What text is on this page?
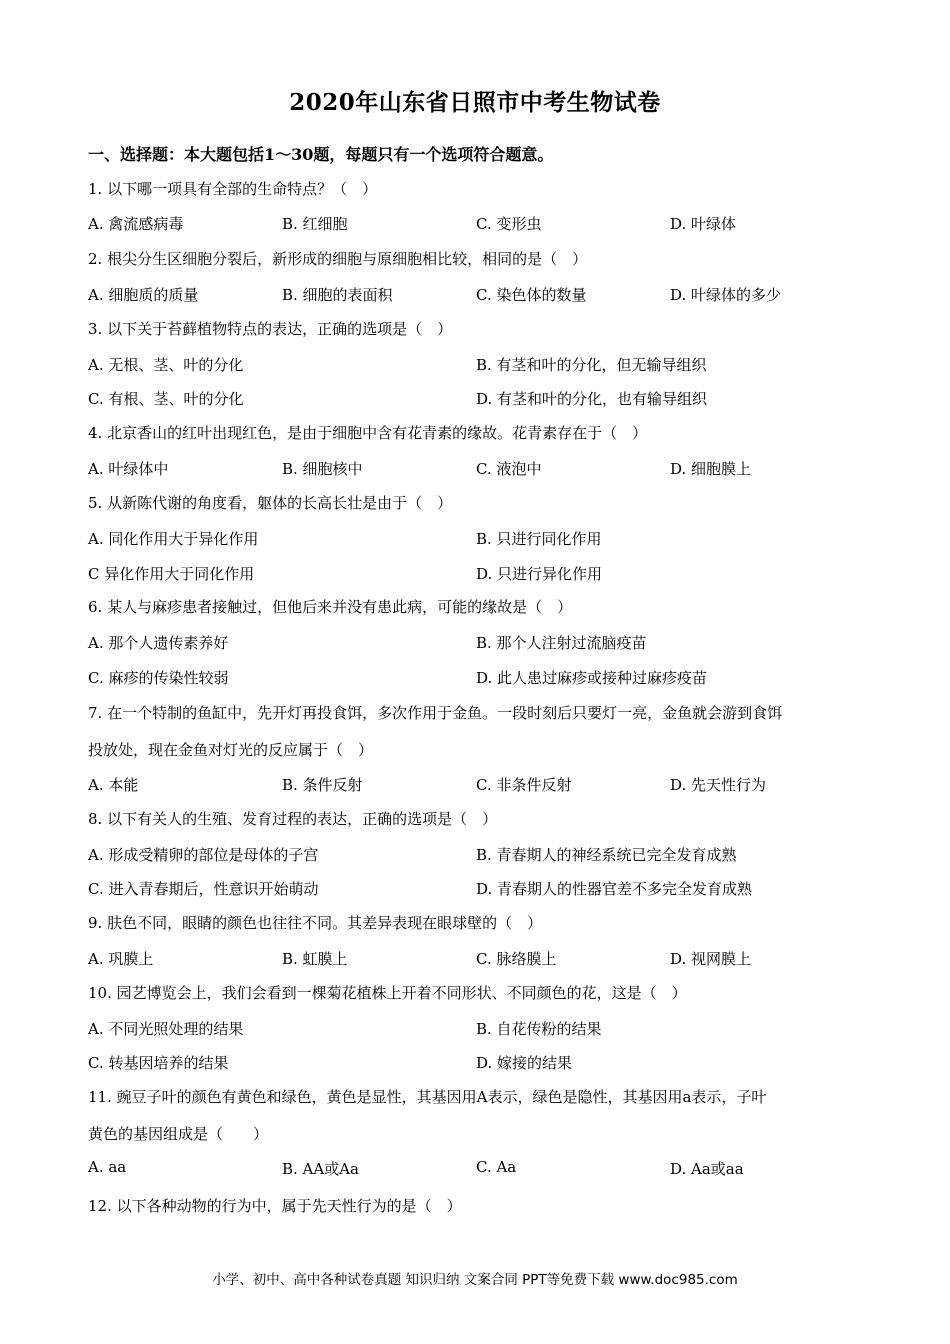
2020年山东省日照市中考生物试卷
一、选择题：本大题包括1～30题，每题只有一个选项符合题意。
1. 以下哪一项具有全部的生命特点？（　）
A. 禽流感病毒	B. 红细胞	C. 变形虫	D. 叶绿体
2. 根尖分生区细胞分裂后，新形成的细胞与原细胞相比较，相同的是（　）
A. 细胞质的质量	B. 细胞的表面积	C. 染色体的数量	D. 叶绿体的多少
3. 以下关于苔藓植物特点的表达，正确的选项是（　）
A. 无根、茎、叶的分化	B. 有茎和叶的分化，但无输导组织
C. 有根、茎、叶的分化	D. 有茎和叶的分化，也有输导组织
4. 北京香山的红叶出现红色，是由于细胞中含有花青素的缘故。花青素存在于（　）
A. 叶绿体中	B. 细胞核中	C. 液泡中	D. 细胞膜上
5. 从新陈代谢的角度看，躯体的长高长壮是由于（　）
A. 同化作用大于异化作用	B. 只进行同化作用
C 异化作用大于同化作用	D. 只进行异化作用
6. 某人与麻疹患者接触过，但他后来并没有患此病，可能的缘故是（　）
A. 那个人遗传素养好	B. 那个人注射过流脑疫苗
C. 麻疹的传染性较弱	D. 此人患过麻疹或接种过麻疹疫苗
7. 在一个特制的鱼缸中，先开灯再投食饵，多次作用于金鱼。一段时刻后只要灯一亮，金鱼就会游到食饵
投放处，现在金鱼对灯光的反应属于（　）
A. 本能	B. 条件反射	C. 非条件反射	D. 先天性行为
8. 以下有关人的生殖、发育过程的表达，正确的选项是（　）
A. 形成受精卵的部位是母体的子宫	B. 青春期人的神经系统已完全发育成熟
C. 进入青春期后，性意识开始萌动	D. 青春期人的性器官差不多完全发育成熟
9. 肤色不同，眼睛的颜色也往往不同。其差异表现在眼球壁的（　）
A. 巩膜上	B. 虹膜上	C. 脉络膜上	D. 视网膜上
10. 园艺博览会上，我们会看到一棵菊花植株上开着不同形状、不同颜色的花，这是（　）
A. 不同光照处理的结果	B. 自花传粉的结果
C. 转基因培养的结果	D. 嫁接的结果
11. 豌豆子叶的颜色有黄色和绿色，黄色是显性，其基因用A表示，绿色是隐性，其基因用a表示，子叶
黄色的基因组成是（　　）
A. aa	B. AA或Aa	C. Aa	D. Aa或aa
12. 以下各种动物的行为中，属于先天性行为的是（　）
小学、初中、高中各种试卷真题 知识归纳 文案合同 PPT等免费下载 www.doc985.com
